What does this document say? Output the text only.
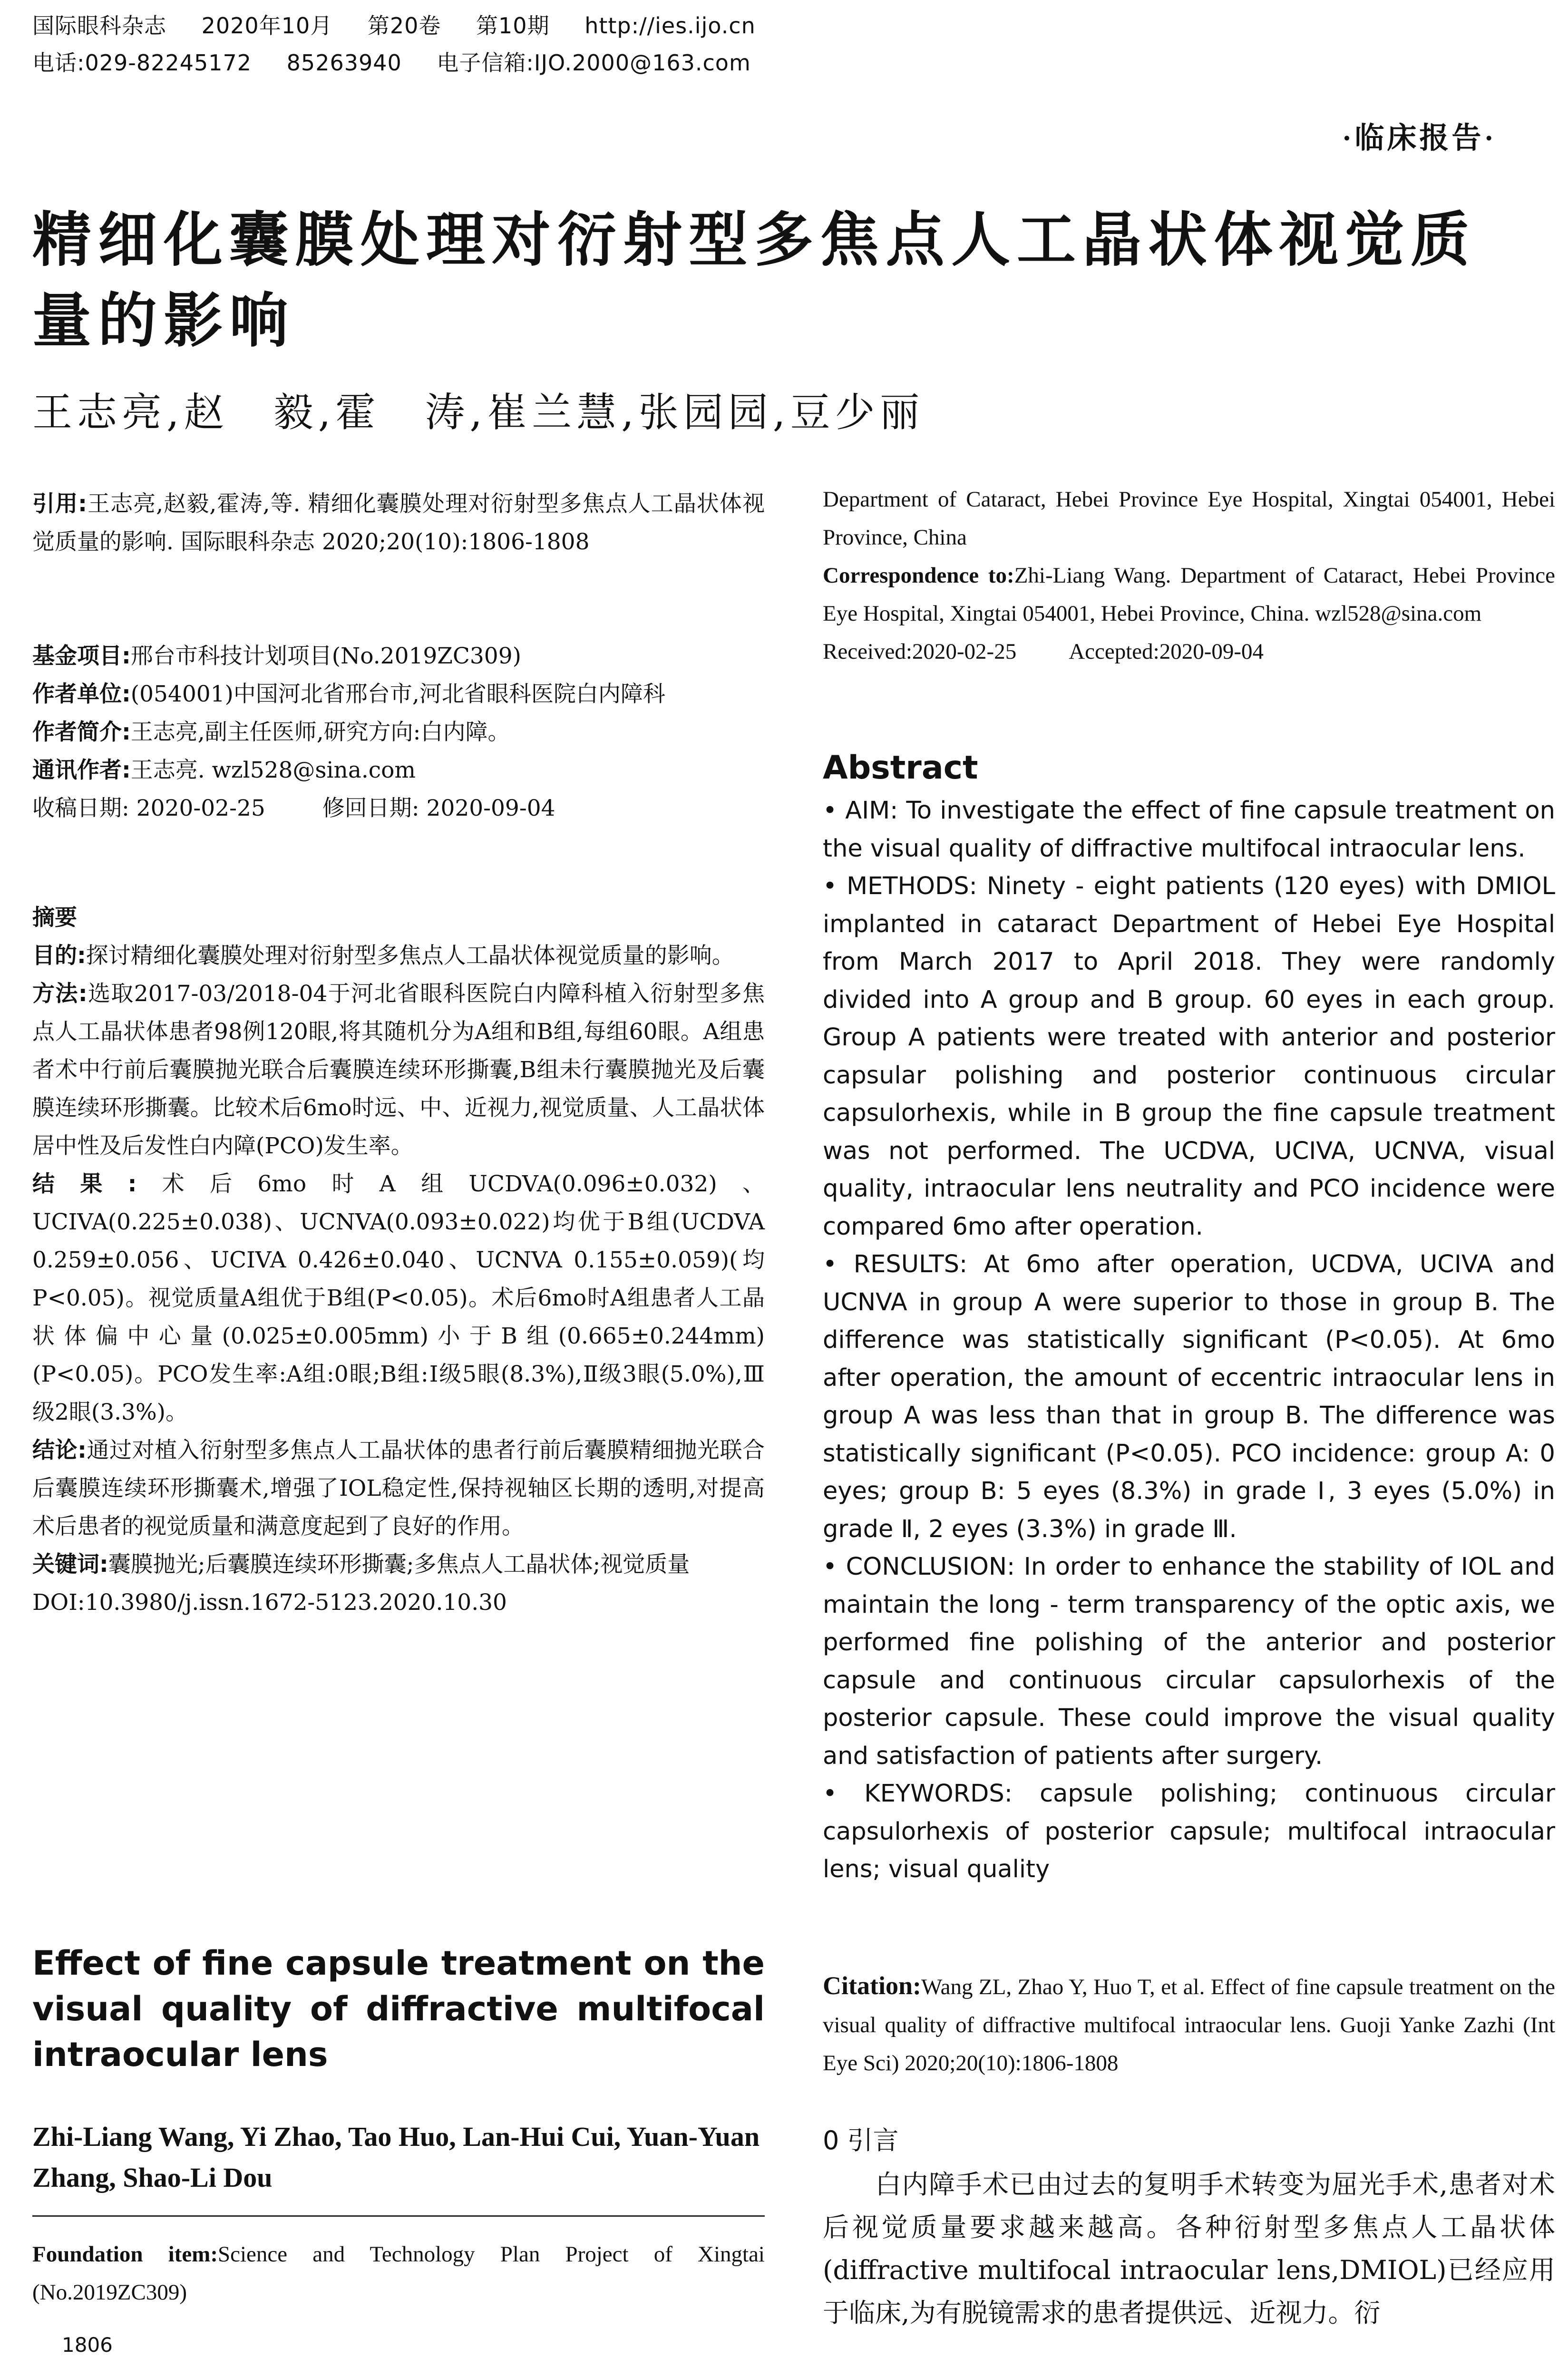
国际眼科杂志 2020年10月 第20卷 第10期 http://ies.ijo.cn
电话:029-82245172 85263940 电子信箱:IJO.2000@163.com
·临床报告·
精细化囊膜处理对衍射型多焦点人工晶状体视觉质量的影响
王志亮,赵　毅,霍　涛,崔兰慧,张园园,豆少丽
引用:王志亮,赵毅,霍涛,等. 精细化囊膜处理对衍射型多焦点人工晶状体视觉质量的影响. 国际眼科杂志 2020;20(10):1806-1808
基金项目:邢台市科技计划项目(No.2019ZC309)
作者单位:(054001)中国河北省邢台市,河北省眼科医院白内障科
作者简介:王志亮,副主任医师,研究方向:白内障。
通讯作者:王志亮. wzl528@sina.com
收稿日期: 2020-02-25	修回日期: 2020-09-04
摘要
目的:探讨精细化囊膜处理对衍射型多焦点人工晶状体视觉质量的影响。
方法:选取2017-03/2018-04于河北省眼科医院白内障科植入衍射型多焦点人工晶状体患者98例120眼,将其随机分为A组和B组,每组60眼。A组患者术中行前后囊膜抛光联合后囊膜连续环形撕囊,B组未行囊膜抛光及后囊膜连续环形撕囊。比较术后6mo时远、中、近视力,视觉质量、人工晶状体居中性及后发性白内障(PCO)发生率。
结果:术后6mo时A组UCDVA(0.096±0.032)、UCIVA(0.225±0.038)、UCNVA(0.093±0.022)均优于B组(UCDVA 0.259±0.056、UCIVA 0.426±0.040、UCNVA 0.155±0.059)(均P<0.05)。视觉质量A组优于B组(P<0.05)。术后6mo时A组患者人工晶状体偏中心量(0.025±0.005mm)小于B组(0.665±0.244mm)(P<0.05)。PCO发生率:A组:0眼;B组:Ⅰ级5眼(8.3%),Ⅱ级3眼(5.0%),Ⅲ级2眼(3.3%)。
结论:通过对植入衍射型多焦点人工晶状体的患者行前后囊膜精细抛光联合后囊膜连续环形撕囊术,增强了IOL稳定性,保持视轴区长期的透明,对提高术后患者的视觉质量和满意度起到了良好的作用。
关键词:囊膜抛光;后囊膜连续环形撕囊;多焦点人工晶状体;视觉质量
DOI:10.3980/j.issn.1672-5123.2020.10.30
Effect of fine capsule treatment on the visual quality of diffractive multifocal intraocular lens
Zhi-Liang Wang, Yi Zhao, Tao Huo, Lan-Hui Cui, Yuan-Yuan Zhang, Shao-Li Dou
Foundation item:Science and Technology Plan Project of Xingtai (No.2019ZC309)
Department of Cataract, Hebei Province Eye Hospital, Xingtai 054001, Hebei Province, China
Correspondence to:Zhi-Liang Wang. Department of Cataract, Hebei Province Eye Hospital, Xingtai 054001, Hebei Province, China. wzl528@sina.com
Received:2020-02-25 Accepted:2020-09-04
Abstract
• AIM: To investigate the effect of fine capsule treatment on the visual quality of diffractive multifocal intraocular lens.
• METHODS: Ninety - eight patients (120 eyes) with DMIOL implanted in cataract Department of Hebei Eye Hospital from March 2017 to April 2018. They were randomly divided into A group and B group. 60 eyes in each group. Group A patients were treated with anterior and posterior capsular polishing and posterior continuous circular capsulorhexis, while in B group the fine capsule treatment was not performed. The UCDVA, UCIVA, UCNVA, visual quality, intraocular lens neutrality and PCO incidence were compared 6mo after operation.
• RESULTS: At 6mo after operation, UCDVA, UCIVA and UCNVA in group A were superior to those in group B. The difference was statistically significant (P<0.05). At 6mo after operation, the amount of eccentric intraocular lens in group A was less than that in group B. The difference was statistically significant (P<0.05). PCO incidence: group A: 0 eyes; group B: 5 eyes (8.3%) in grade Ⅰ, 3 eyes (5.0%) in grade Ⅱ, 2 eyes (3.3%) in grade Ⅲ.
• CONCLUSION: In order to enhance the stability of IOL and maintain the long - term transparency of the optic axis, we performed fine polishing of the anterior and posterior capsule and continuous circular capsulorhexis of the posterior capsule. These could improve the visual quality and satisfaction of patients after surgery.
• KEYWORDS: capsule polishing; continuous circular capsulorhexis of posterior capsule; multifocal intraocular lens; visual quality
Citation:Wang ZL, Zhao Y, Huo T, et al. Effect of fine capsule treatment on the visual quality of diffractive multifocal intraocular lens. Guoji Yanke Zazhi (Int Eye Sci) 2020;20(10):1806-1808
0 引言
白内障手术已由过去的复明手术转变为屈光手术,患者对术后视觉质量要求越来越高。各种衍射型多焦点人工晶状体(diffractive multifocal intraocular lens,DMIOL)已经应用于临床,为有脱镜需求的患者提供远、近视力。衍
1806
